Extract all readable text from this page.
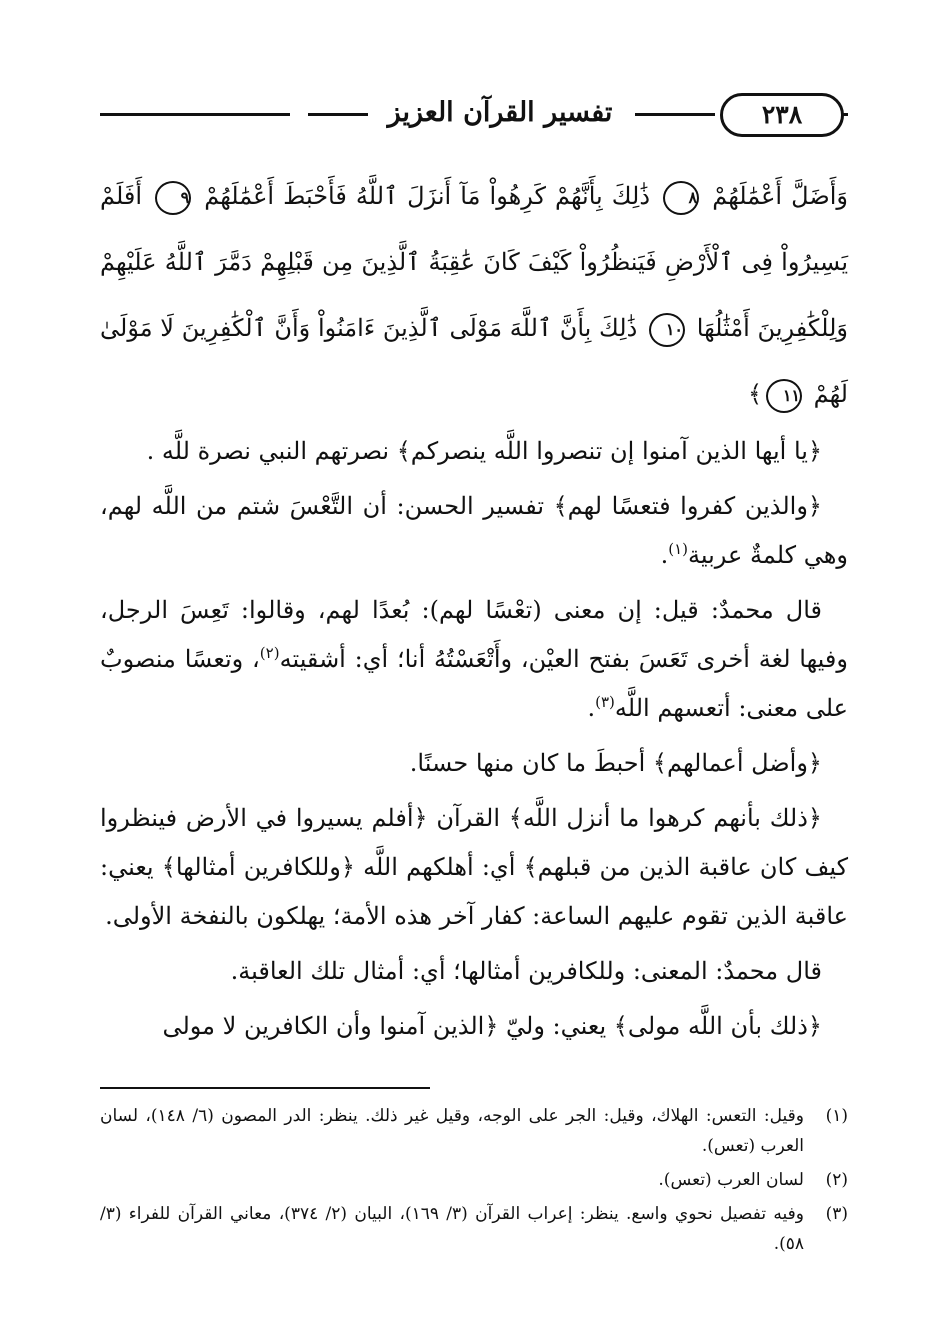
تفسير القرآن العزيز	٢٣٨
وَأَضَلَّ أَعْمَٰلَهُمْ ٨ ذَٰلِكَ بِأَنَّهُمْ كَرِهُواْ مَآ أَنزَلَ ٱللَّهُ فَأَحْبَطَ أَعْمَٰلَهُمْ ٩ أَفَلَمْ يَسِيرُواْ فِى ٱلْأَرْضِ فَيَنظُرُواْ كَيْفَ كَانَ عَٰقِبَةُ ٱلَّذِينَ مِن قَبْلِهِمْ دَمَّرَ ٱللَّهُ عَلَيْهِمْ وَلِلْكَٰفِرِينَ أَمْثَٰلُهَا ١٠ ذَٰلِكَ بِأَنَّ ٱللَّهَ مَوْلَى ٱلَّذِينَ ءَامَنُواْ وَأَنَّ ٱلْكَٰفِرِينَ لَا مَوْلَىٰ لَهُمْ ١١﴾

﴿يا أيها الذين آمنوا إن تنصروا اللَّه ينصركم﴾ نصرتهم النبي نصرة للَّه .

﴿والذين كفروا فتعسًا لهم﴾ تفسير الحسن: أن التَّعْسَ شتم من اللَّه لهم، وهي كلمةٌ عربية$^{(١)}$.

قال محمدٌ: قيل: إن معنى (تعْسًا لهم): بُعدًا لهم، وقالوا: تَعِسَ الرجل، وفيها لغة أخرى تَعَسَ بفتح العيْن، وأَتْعَسْتُهُ أنا؛ أي: أشقيته$^{(٢)}$، وتعسًا منصوبٌ على معنى: أتعسهم اللَّه$^{(٣)}$.

﴿وأضل أعمالهم﴾ أحبطَ ما كان منها حسنًا.

﴿ذلك بأنهم كرهوا ما أنزل اللَّه﴾ القرآن ﴿أفلم يسيروا في الأرض فينظروا كيف كان عاقبة الذين من قبلهم﴾ أي: أهلكهم اللَّه ﴿وللكافرين أمثالها﴾ يعني: عاقبة الذين تقوم عليهم الساعة: كفار آخر هذه الأمة؛ يهلكون بالنفخة الأولى.

قال محمدٌ: المعنى: وللكافرين أمثالها؛ أي: أمثال تلك العاقبة.

﴿ذلك بأن اللَّه مولى﴾ يعني: وليّ ﴿الذين آمنوا وأن الكافرين لا مولى

(١)
وقيل: التعس: الهلاك، وقيل: الجر على الوجه، وقيل غير ذلك. ينظر: الدر المصون (٦/ ١٤٨)، لسان العرب (تعس).
(٢)
لسان العرب (تعس).
(٣)
وفيه تفصيل نحوي واسع. ينظر: إعراب القرآن (٣/ ١٦٩)، البيان (٢/ ٣٧٤)، معاني القرآن للفراء (٣/ ٥٨).
